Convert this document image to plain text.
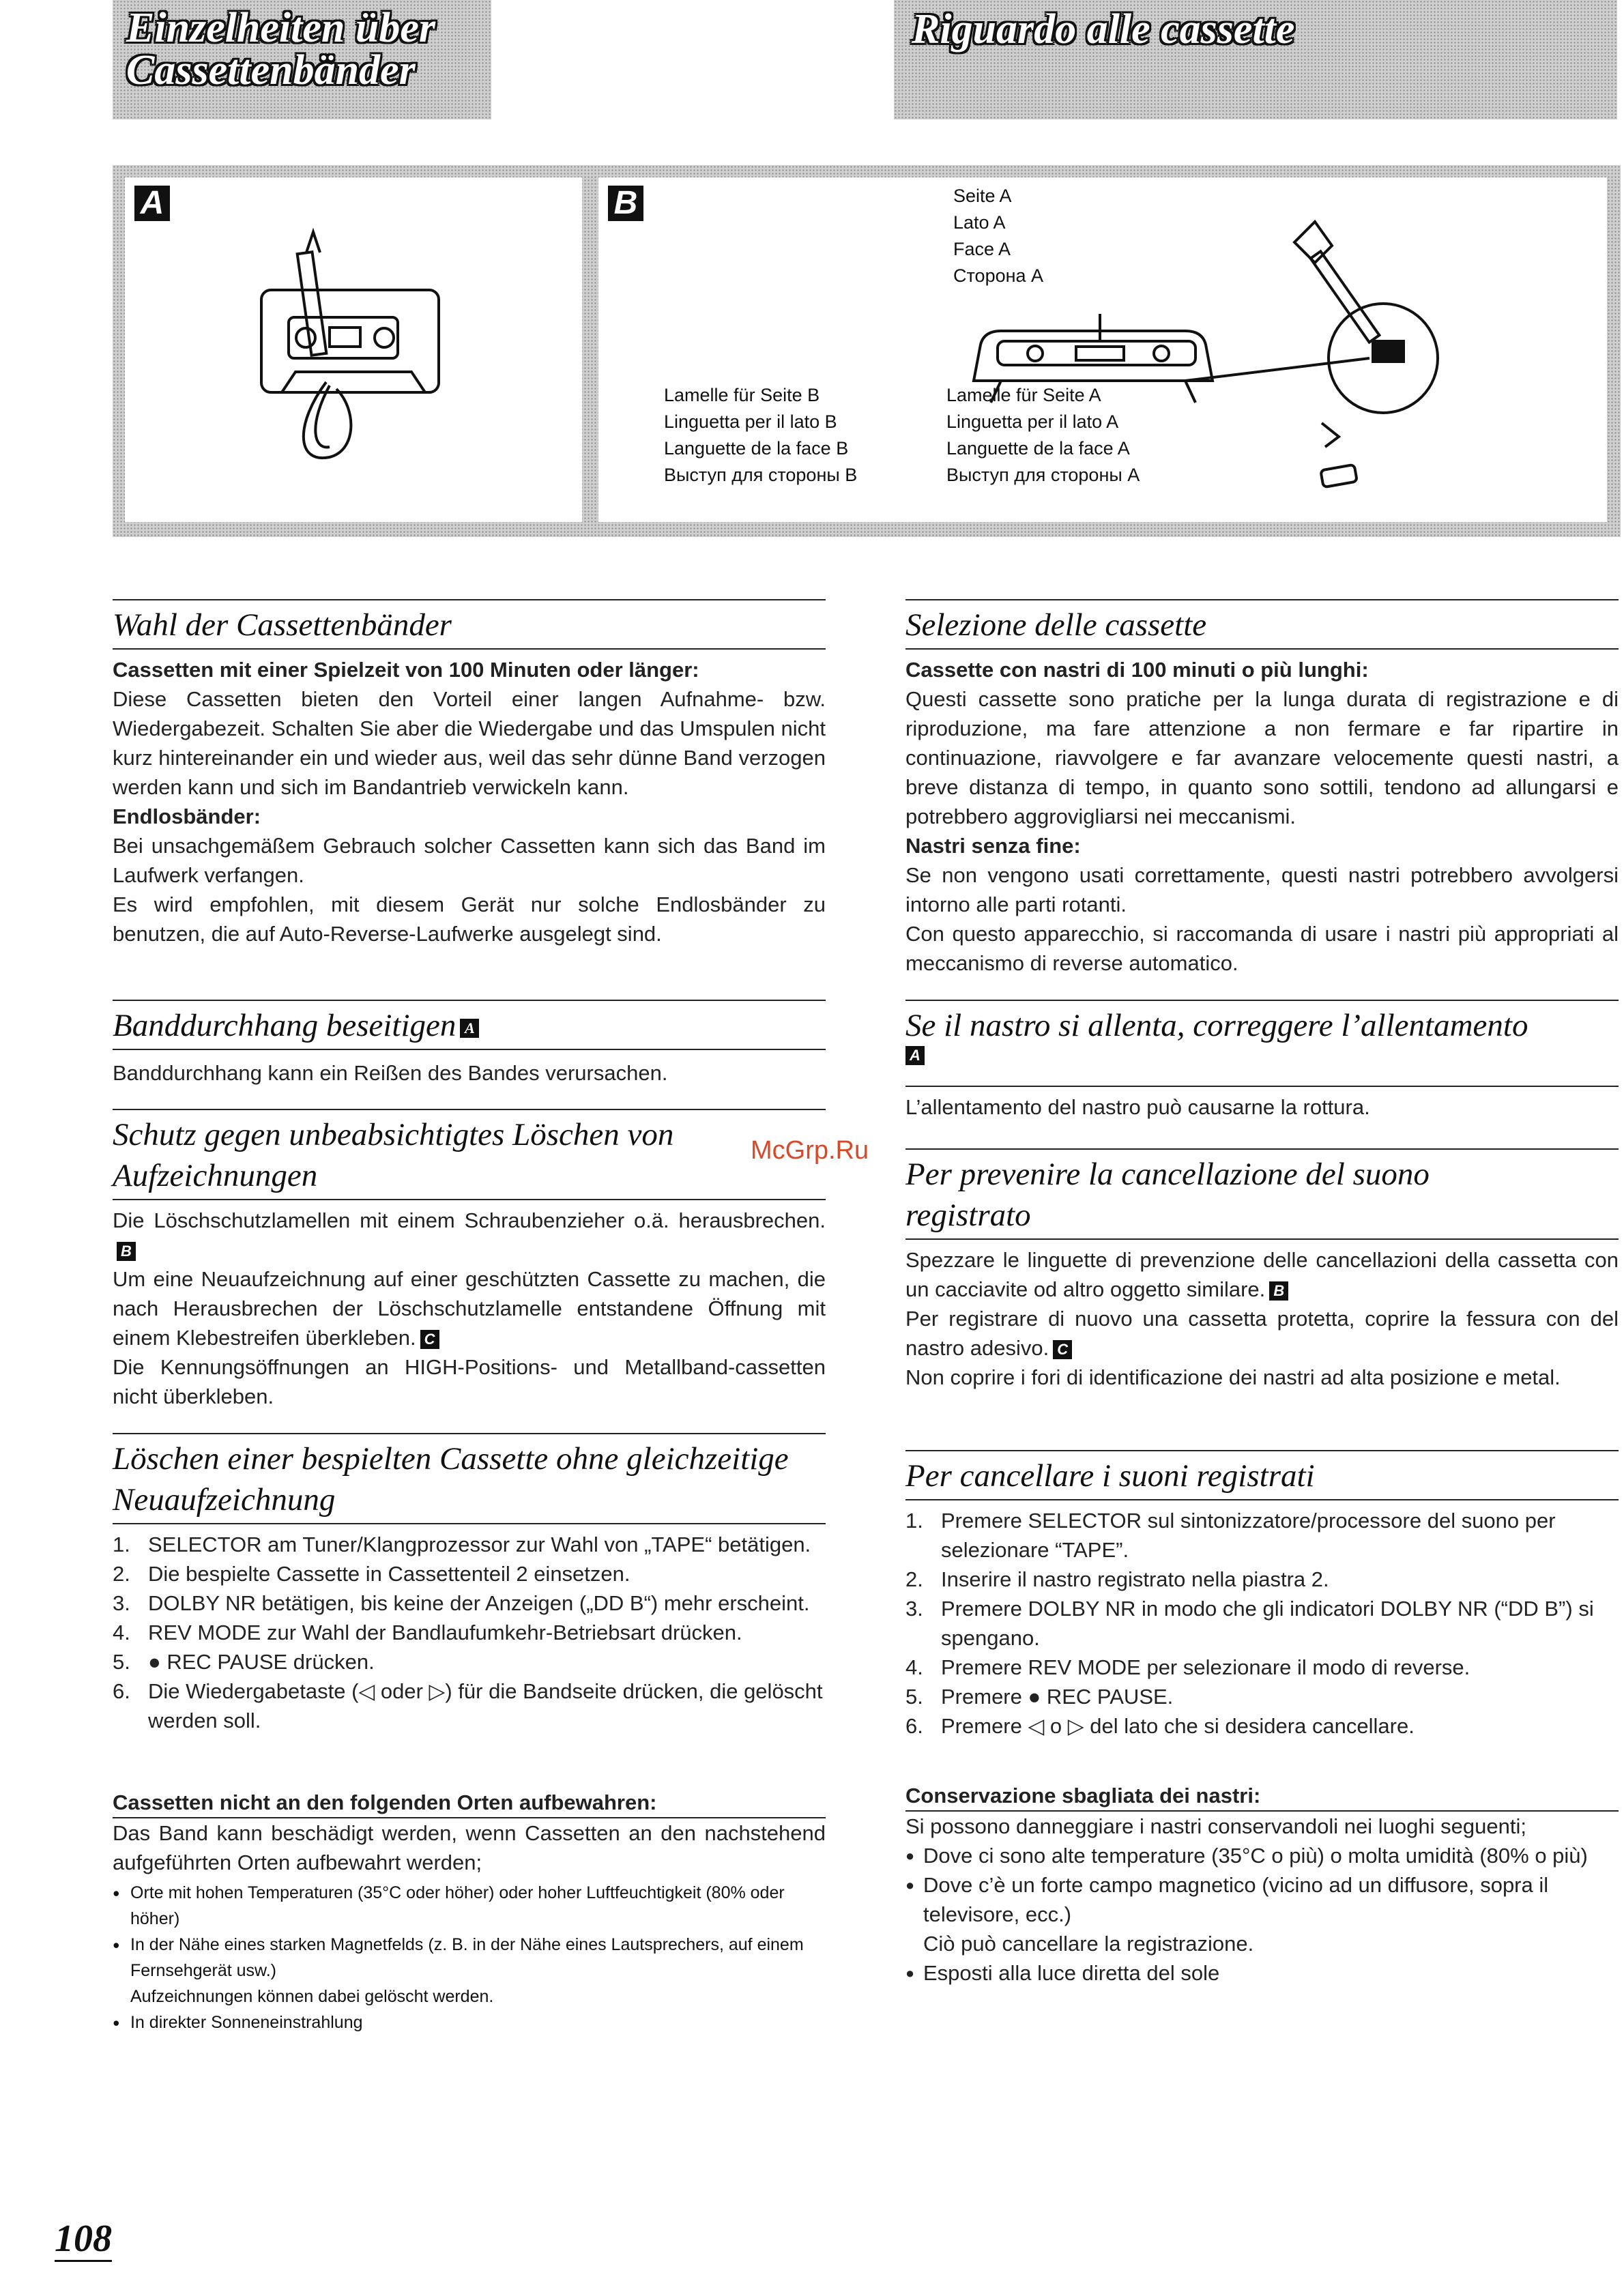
Einzelheiten über
Cassettenbänder
Riguardo alle cassette
A	B	Seite A
Lato A
Face A
Сторона A
Lamelle für Seite B
Linguetta per il lato B
Languette de la face B
Выступ для стороны B
Lamelle für Seite A
Linguetta per il lato A
Languette de la face A
Выступ для стороны A
Wahl der Cassettenbänder
Cassetten mit einer Spielzeit von 100 Minuten oder länger:
Diese Cassetten bieten den Vorteil einer langen Aufnahme- bzw. Wiedergabezeit. Schalten Sie aber die Wiedergabe und das Umspulen nicht kurz hintereinander ein und wieder aus, weil das sehr dünne Band verzogen werden kann und sich im Bandantrieb verwickeln kann.
Endlosbänder:
Bei unsachgemäßem Gebrauch solcher Cassetten kann sich das Band im Laufwerk verfangen.
Es wird empfohlen, mit diesem Gerät nur solche Endlosbänder zu benutzen, die auf Auto-Reverse-Laufwerke ausgelegt sind.
Banddurchhang beseitigen A
Banddurchhang kann ein Reißen des Bandes verursachen.
Schutz gegen unbeabsichtigtes Löschen von Aufzeichnungen
Die Löschschutzlamellen mit einem Schraubenzieher o.ä. herausbrechen.B
Um eine Neuaufzeichnung auf einer geschützten Cassette zu machen, die nach Herausbrechen der Löschschutzlamelle entstandene Öffnung mit einem Klebestreifen überkleben. C
Die Kennungsöffnungen an HIGH-Positions- und Metallband-cassetten nicht überkleben.
Löschen einer bespielten Cassette ohne gleichzeitige Neuaufzeichnung
1. SELECTOR am Tuner/Klangprozessor zur Wahl von „TAPE“ betätigen.
2. Die bespielte Cassette in Cassettenteil 2 einsetzen.
3. DOLBY NR betätigen, bis keine der Anzeigen („DD B“) mehr erscheint.
4. REV MODE zur Wahl der Bandlaufumkehr-Betriebsart drücken.
5. ● REC PAUSE drücken.
6. Die Wiedergabetaste (◁ oder ▷) für die Bandseite drücken, die gelöscht werden soll.
Cassetten nicht an den folgenden Orten aufbewahren:
Das Band kann beschädigt werden, wenn Cassetten an den nachstehend aufgeführten Orten aufbewahrt werden;
● Orte mit hohen Temperaturen (35°C oder höher) oder hoher Luftfeuchtigkeit (80% oder höher)
● In der Nähe eines starken Magnetfelds (z. B. in der Nähe eines Lautsprechers, auf einem Fernsehgerät usw.)
Aufzeichnungen können dabei gelöscht werden.
● In direkter Sonneneinstrahlung
Selezione delle cassette
Cassette con nastri di 100 minuti o più lunghi:
Questi cassette sono pratiche per la lunga durata di registrazione e di riproduzione, ma fare attenzione a non fermare e far ripartire in continuazione, riavvolgere e far avanzare velocemente questi nastri, a breve distanza di tempo, in quanto sono sottili, tendono ad allungarsi e potrebbero aggrovigliarsi nei meccanismi.
Nastri senza fine:
Se non vengono usati correttamente, questi nastri potrebbero avvolgersi intorno alle parti rotanti.
Con questo apparecchio, si raccomanda di usare i nastri più appropriati al meccanismo di reverse automatico.
Se il nastro si allenta, correggere l’allentamento
A
L’allentamento del nastro può causarne la rottura.
Per prevenire la cancellazione del suono registrato
Spezzare le linguette di prevenzione delle cancellazioni della cassetta con un cacciavite od altro oggetto similare. B
Per registrare di nuovo una cassetta protetta, coprire la fessura con del nastro adesivo. C
Non coprire i fori di identificazione dei nastri ad alta posizione e metal.
Per cancellare i suoni registrati
1. Premere SELECTOR sul sintonizzatore/processore del suono per selezionare “TAPE”.
2. Inserire il nastro registrato nella piastra 2.
3. Premere DOLBY NR in modo che gli indicatori DOLBY NR (“DD B”) si spengano.
4. Premere REV MODE per selezionare il modo di reverse.
5. Premere ● REC PAUSE.
6. Premere ◁ o ▷ del lato che si desidera cancellare.
Conservazione sbagliata dei nastri:
Si possono danneggiare i nastri conservandoli nei luoghi seguenti;
● Dove ci sono alte temperature (35°C o più) o molta umidità (80% o più)
● Dove c’è un forte campo magnetico (vicino ad un diffusore, sopra il televisore, ecc.)
Ciò può cancellare la registrazione.
● Esposti alla luce diretta del sole
McGrp.Ru
108
